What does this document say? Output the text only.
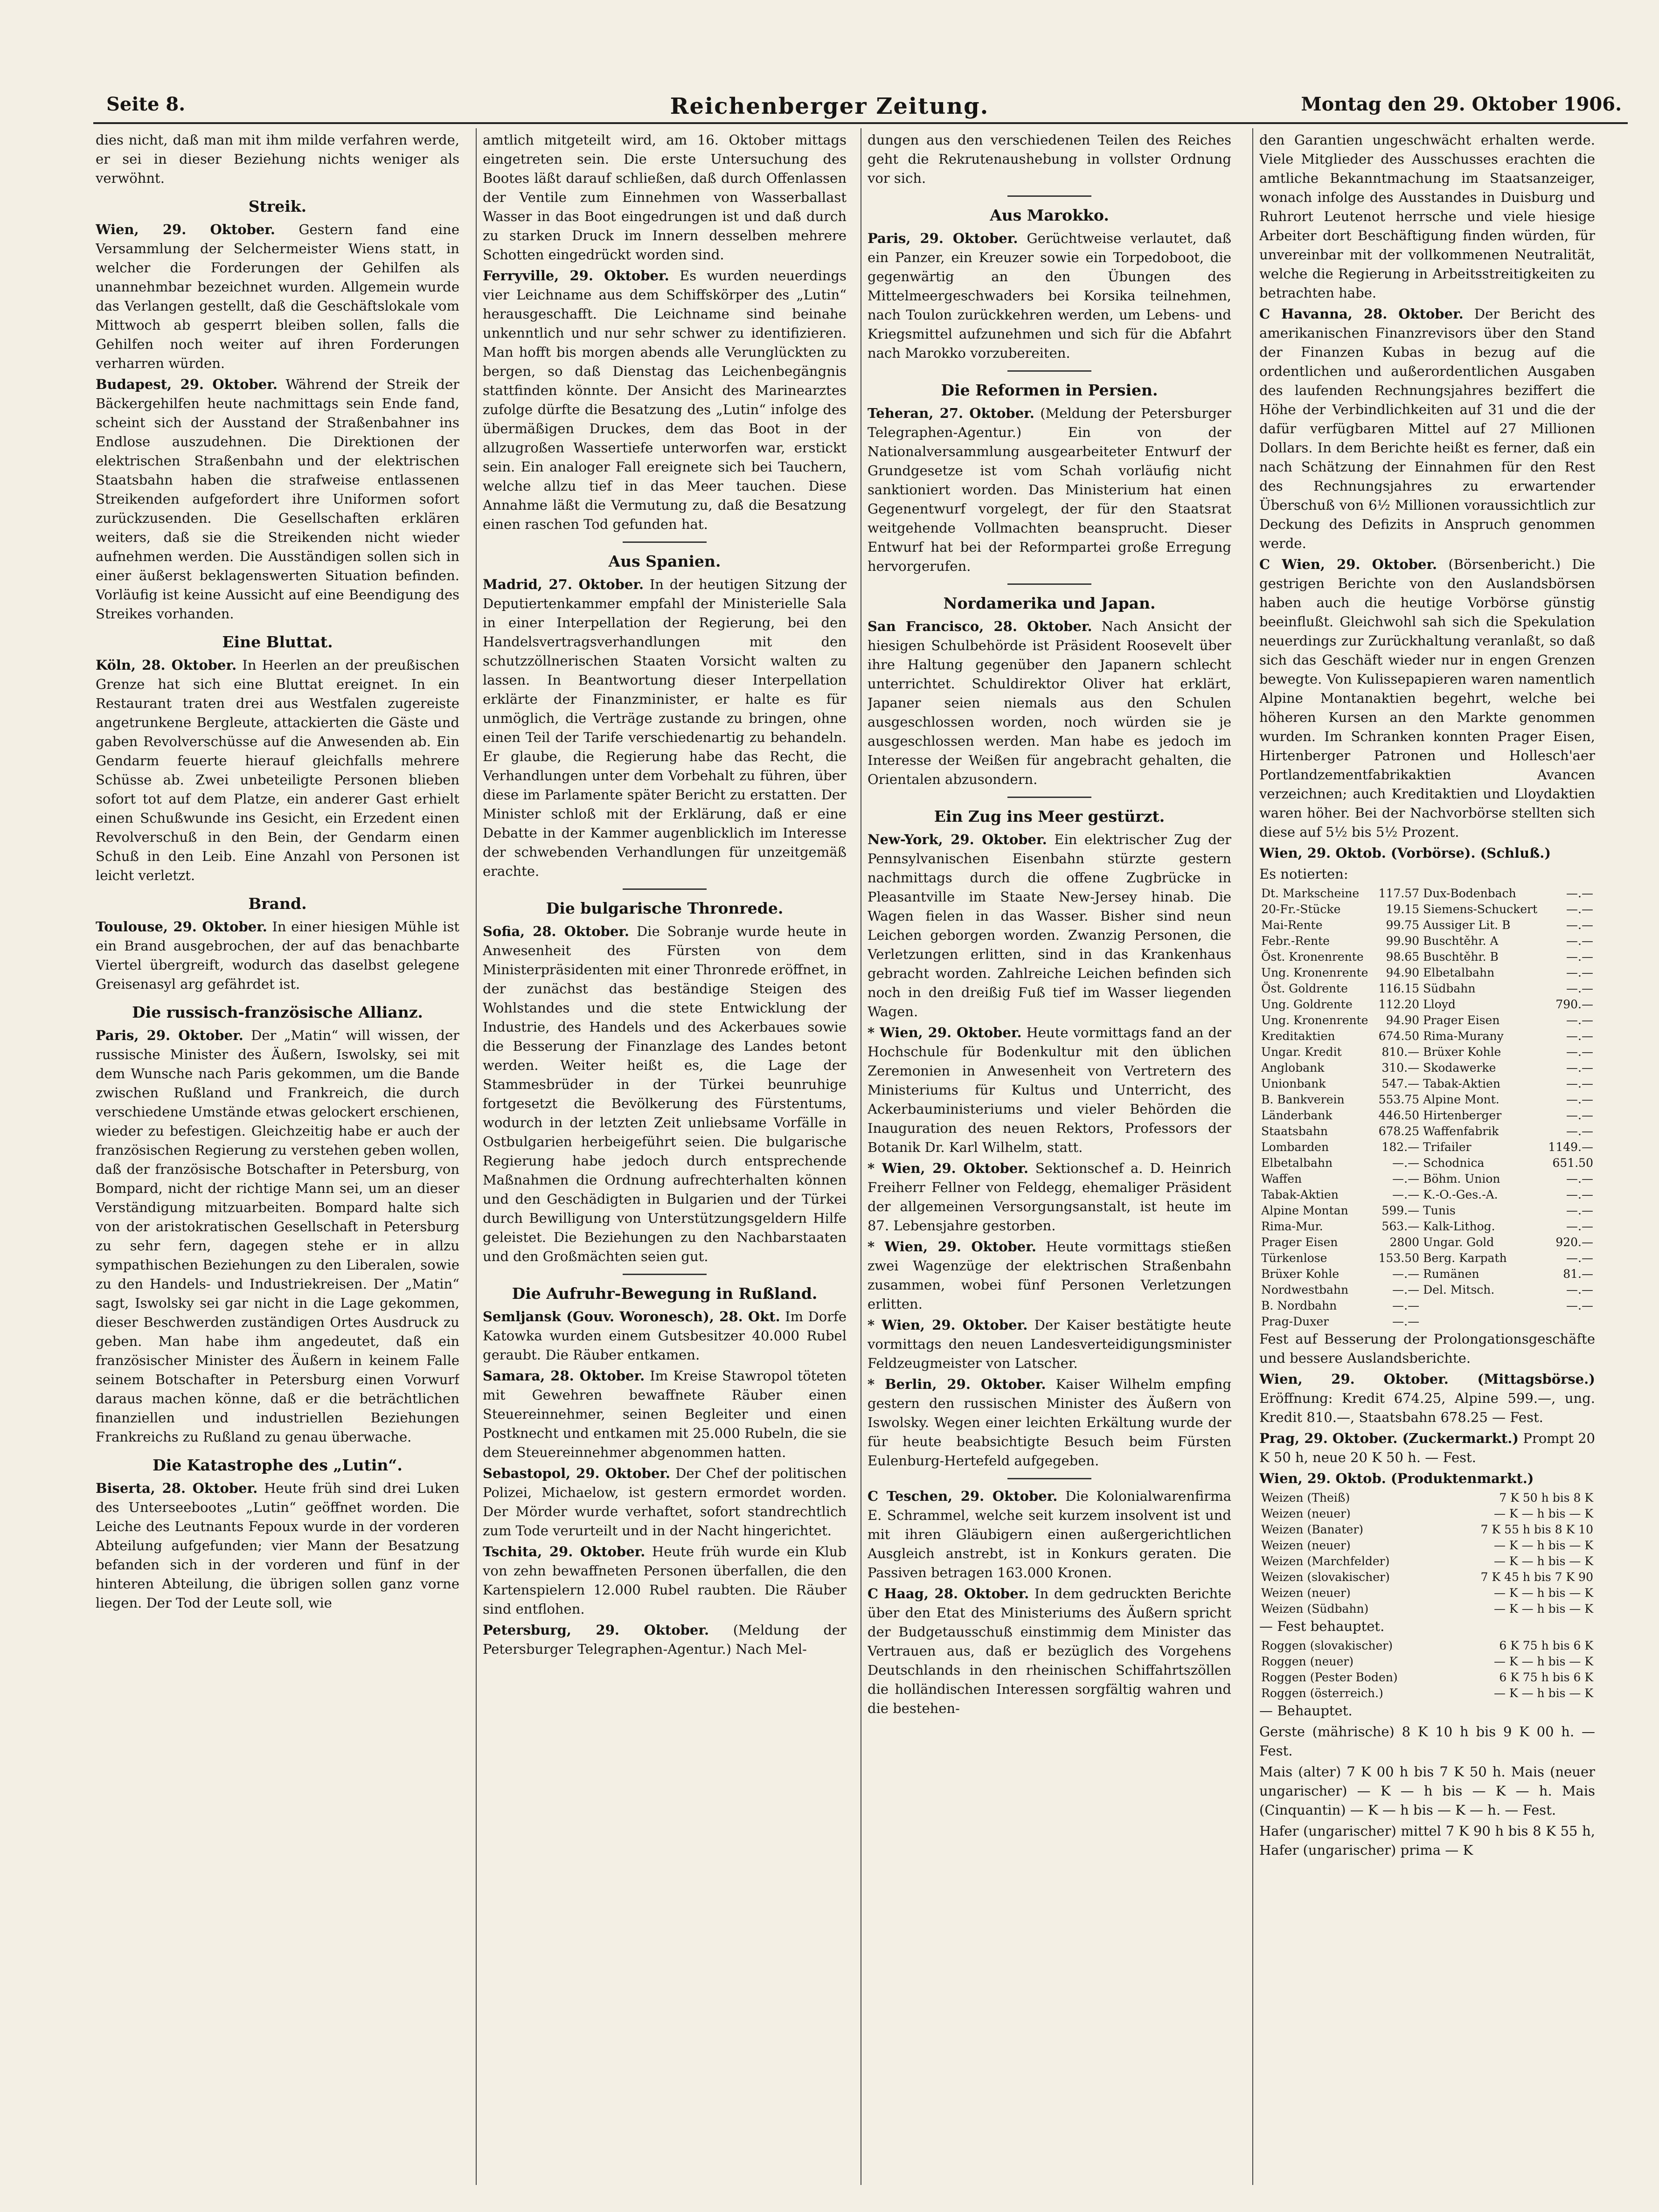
Seite 8.	Reichenberger Zeitung.	Montag den 29. Oktober 1906.

dies nicht, daß man mit ihm milde verfahren werde, er sei in dieser Beziehung nichts weniger als verwöhnt.

Streik.

Wien, 29. Oktober. Gestern fand eine Versammlung der Selchermeister Wiens statt, in welcher die Forderungen der Gehilfen als unannehmbar bezeichnet wurden. Allgemein wurde das Verlangen gestellt, daß die Geschäftslokale vom Mittwoch ab gesperrt bleiben sollen, falls die Gehilfen noch weiter auf ihren Forderungen verharren würden.

Budapest, 29. Oktober. Während der Streik der Bäckergehilfen heute nachmittags sein Ende fand, scheint sich der Ausstand der Straßenbahner ins Endlose auszudehnen. Die Direktionen der elektrischen Straßenbahn und der elektrischen Staatsbahn haben die strafweise entlassenen Streikenden aufgefordert ihre Uniformen sofort zurückzusenden. Die Gesellschaften erklären weiters, daß sie die Streikenden nicht wieder aufnehmen werden. Die Ausständigen sollen sich in einer äußerst beklagenswerten Situation befinden. Vorläufig ist keine Aussicht auf eine Beendigung des Streikes vorhanden.

Eine Bluttat.

Köln, 28. Oktober. In Heerlen an der preußischen Grenze hat sich eine Bluttat ereignet. In ein Restaurant traten drei aus Westfalen zugereiste angetrunkene Bergleute, attackierten die Gäste und gaben Revolverschüsse auf die Anwesenden ab. Ein Gendarm feuerte hierauf gleichfalls mehrere Schüsse ab. Zwei unbeteiligte Personen blieben sofort tot auf dem Platze, ein anderer Gast erhielt einen Schußwunde ins Gesicht, ein Erzedent einen Revolverschuß in den Bein, der Gendarm einen Schuß in den Leib. Eine Anzahl von Personen ist leicht verletzt.

Brand.

Toulouse, 29. Oktober. In einer hiesigen Mühle ist ein Brand ausgebrochen, der auf das benachbarte Viertel übergreift, wodurch das daselbst gelegene Greisenasyl arg gefährdet ist.

Die russisch-französische Allianz.

Paris, 29. Oktober. Der „Matin“ will wissen, der russische Minister des Äußern, Iswolsky, sei mit dem Wunsche nach Paris gekommen, um die Bande zwischen Rußland und Frankreich, die durch verschiedene Umstände etwas gelockert erschienen, wieder zu befestigen. Gleichzeitig habe er auch der französischen Regierung zu verstehen geben wollen, daß der französische Botschafter in Petersburg, von Bompard, nicht der richtige Mann sei, um an dieser Verständigung mitzuarbeiten. Bompard halte sich von der aristokratischen Gesellschaft in Petersburg zu sehr fern, dagegen stehe er in allzu sympathischen Beziehungen zu den Liberalen, sowie zu den Handels- und Industriekreisen. Der „Matin“ sagt, Iswolsky sei gar nicht in die Lage gekommen, dieser Beschwerden zuständigen Ortes Ausdruck zu geben. Man habe ihm angedeutet, daß ein französischer Minister des Äußern in keinem Falle seinem Botschafter in Petersburg einen Vorwurf daraus machen könne, daß er die beträchtlichen finanziellen und industriellen Beziehungen Frankreichs zu Rußland zu genau überwache.

Die Katastrophe des „Lutin“.

Biserta, 28. Oktober. Heute früh sind drei Luken des Unterseebootes „Lutin“ geöffnet worden. Die Leiche des Leutnants Fepoux wurde in der vorderen Abteilung aufgefunden; vier Mann der Besatzung befanden sich in der vorderen und fünf in der hinteren Abteilung, die übrigen sollen ganz vorne liegen. Der Tod der Leute soll, wie

amtlich mitgeteilt wird, am 16. Oktober mittags eingetreten sein. Die erste Untersuchung des Bootes läßt darauf schließen, daß durch Offenlassen der Ventile zum Einnehmen von Wasserballast Wasser in das Boot eingedrungen ist und daß durch zu starken Druck im Innern desselben mehrere Schotten eingedrückt worden sind.

Ferryville, 29. Oktober. Es wurden neuerdings vier Leichname aus dem Schiffskörper des „Lutin“ herausgeschafft. Die Leichname sind beinahe unkenntlich und nur sehr schwer zu identifizieren. Man hofft bis morgen abends alle Verunglückten zu bergen, so daß Dienstag das Leichenbegängnis stattfinden könnte. Der Ansicht des Marinearztes zufolge dürfte die Besatzung des „Lutin“ infolge des übermäßigen Druckes, dem das Boot in der allzugroßen Wassertiefe unterworfen war, erstickt sein. Ein analoger Fall ereignete sich bei Tauchern, welche allzu tief in das Meer tauchen. Diese Annahme läßt die Vermutung zu, daß die Besatzung einen raschen Tod gefunden hat.

Aus Spanien.

Madrid, 27. Oktober. In der heutigen Sitzung der Deputiertenkammer empfahl der Ministerielle Sala in einer Interpellation der Regierung, bei den Handelsvertragsverhandlungen mit den schutzzöllnerischen Staaten Vorsicht walten zu lassen. In Beantwortung dieser Interpellation erklärte der Finanzminister, er halte es für unmöglich, die Verträge zustande zu bringen, ohne einen Teil der Tarife verschiedenartig zu behandeln. Er glaube, die Regierung habe das Recht, die Verhandlungen unter dem Vorbehalt zu führen, über diese im Parlamente später Bericht zu erstatten. Der Minister schloß mit der Erklärung, daß er eine Debatte in der Kammer augenblicklich im Interesse der schwebenden Verhandlungen für unzeitgemäß erachte.

Die bulgarische Thronrede.

Sofia, 28. Oktober. Die Sobranje wurde heute in Anwesenheit des Fürsten von dem Ministerpräsidenten mit einer Thronrede eröffnet, in der zunächst das beständige Steigen des Wohlstandes und die stete Entwicklung der Industrie, des Handels und des Ackerbaues sowie die Besserung der Finanzlage des Landes betont werden. Weiter heißt es, die Lage der Stammesbrüder in der Türkei beunruhige fortgesetzt die Bevölkerung des Fürstentums, wodurch in der letzten Zeit unliebsame Vorfälle in Ostbulgarien herbeigeführt seien. Die bulgarische Regierung habe jedoch durch entsprechende Maßnahmen die Ordnung aufrechterhalten können und den Geschädigten in Bulgarien und der Türkei durch Bewilligung von Unterstützungsgeldern Hilfe geleistet. Die Beziehungen zu den Nachbarstaaten und den Großmächten seien gut.

Die Aufruhr-Bewegung in Rußland.

Semljansk (Gouv. Woronesch), 28. Okt. Im Dorfe Katowka wurden einem Gutsbesitzer 40.000 Rubel geraubt. Die Räuber entkamen.

Samara, 28. Oktober. Im Kreise Stawropol töteten mit Gewehren bewaffnete Räuber einen Steuereinnehmer, seinen Begleiter und einen Postknecht und entkamen mit 25.000 Rubeln, die sie dem Steuereinnehmer abgenommen hatten.

Sebastopol, 29. Oktober. Der Chef der politischen Polizei, Michaelow, ist gestern ermordet worden. Der Mörder wurde verhaftet, sofort standrechtlich zum Tode verurteilt und in der Nacht hingerichtet.

Tschita, 29. Oktober. Heute früh wurde ein Klub von zehn bewaffneten Personen überfallen, die den Kartenspielern 12.000 Rubel raubten. Die Räuber sind entflohen.

Petersburg, 29. Oktober. (Meldung der Petersburger Telegraphen-Agentur.) Nach Mel-

dungen aus den verschiedenen Teilen des Reiches geht die Rekrutenaushebung in vollster Ordnung vor sich.

Aus Marokko.

Paris, 29. Oktober. Gerüchtweise verlautet, daß ein Panzer, ein Kreuzer sowie ein Torpedoboot, die gegenwärtig an den Übungen des Mittelmeergeschwaders bei Korsika teilnehmen, nach Toulon zurückkehren werden, um Lebens- und Kriegsmittel aufzunehmen und sich für die Abfahrt nach Marokko vorzubereiten.

Die Reformen in Persien.

Teheran, 27. Oktober. (Meldung der Petersburger Telegraphen-Agentur.) Ein von der Nationalversammlung ausgearbeiteter Entwurf der Grundgesetze ist vom Schah vorläufig nicht sanktioniert worden. Das Ministerium hat einen Gegenentwurf vorgelegt, der für den Staatsrat weitgehende Vollmachten beansprucht. Dieser Entwurf hat bei der Reformpartei große Erregung hervorgerufen.

Nordamerika und Japan.

San Francisco, 28. Oktober. Nach Ansicht der hiesigen Schulbehörde ist Präsident Roosevelt über ihre Haltung gegenüber den Japanern schlecht unterrichtet. Schuldirektor Oliver hat erklärt, Japaner seien niemals aus den Schulen ausgeschlossen worden, noch würden sie je ausgeschlossen werden. Man habe es jedoch im Interesse der Weißen für angebracht gehalten, die Orientalen abzusondern.

Ein Zug ins Meer gestürzt.

New-York, 29. Oktober. Ein elektrischer Zug der Pennsylvanischen Eisenbahn stürzte gestern nachmittags durch die offene Zugbrücke in Pleasantville im Staate New-Jersey hinab. Die Wagen fielen in das Wasser. Bisher sind neun Leichen geborgen worden. Zwanzig Personen, die Verletzungen erlitten, sind in das Krankenhaus gebracht worden. Zahlreiche Leichen befinden sich noch in den dreißig Fuß tief im Wasser liegenden Wagen.

* Wien, 29. Oktober. Heute vormittags fand an der Hochschule für Bodenkultur mit den üblichen Zeremonien in Anwesenheit von Vertretern des Ministeriums für Kultus und Unterricht, des Ackerbauministeriums und vieler Behörden die Inauguration des neuen Rektors, Professors der Botanik Dr. Karl Wilhelm, statt.

* Wien, 29. Oktober. Sektionschef a. D. Heinrich Freiherr Fellner von Feldegg, ehemaliger Präsident der allgemeinen Versorgungsanstalt, ist heute im 87. Lebensjahre gestorben.

* Wien, 29. Oktober. Heute vormittags stießen zwei Wagenzüge der elektrischen Straßenbahn zusammen, wobei fünf Personen Verletzungen erlitten.

* Wien, 29. Oktober. Der Kaiser bestätigte heute vormittags den neuen Landesverteidigungsminister Feldzeugmeister von Latscher.

* Berlin, 29. Oktober. Kaiser Wilhelm empfing gestern den russischen Minister des Äußern von Iswolsky. Wegen einer leichten Erkältung wurde der für heute beabsichtigte Besuch beim Fürsten Eulenburg-Hertefeld aufgegeben.

C Teschen, 29. Oktober. Die Kolonialwarenfirma E. Schrammel, welche seit kurzem insolvent ist und mit ihren Gläubigern einen außergerichtlichen Ausgleich anstrebt, ist in Konkurs geraten. Die Passiven betragen 163.000 Kronen.

C Haag, 28. Oktober. In dem gedruckten Berichte über den Etat des Ministeriums des Äußern spricht der Budgetausschuß einstimmig dem Minister das Vertrauen aus, daß er bezüglich des Vorgehens Deutschlands in den rheinischen Schiffahrtszöllen die holländischen Interessen sorgfältig wahren und die bestehen-

den Garantien ungeschwächt erhalten werde. Viele Mitglieder des Ausschusses erachten die amtliche Bekanntmachung im Staatsanzeiger, wonach infolge des Ausstandes in Duisburg und Ruhrort Leutenot herrsche und viele hiesige Arbeiter dort Beschäftigung finden würden, für unvereinbar mit der vollkommenen Neutralität, welche die Regierung in Arbeitsstreitigkeiten zu betrachten habe.

C Havanna, 28. Oktober. Der Bericht des amerikanischen Finanzrevisors über den Stand der Finanzen Kubas in bezug auf die ordentlichen und außerordentlichen Ausgaben des laufenden Rechnungsjahres beziffert die Höhe der Verbindlichkeiten auf 31 und die der dafür verfügbaren Mittel auf 27 Millionen Dollars. In dem Berichte heißt es ferner, daß ein nach Schätzung der Einnahmen für den Rest des Rechnungsjahres zu erwartender Überschuß von 6½ Millionen voraussichtlich zur Deckung des Defizits in Anspruch genommen werde.

C Wien, 29. Oktober. (Börsenbericht.) Die gestrigen Berichte von den Auslandsbörsen haben auch die heutige Vorbörse günstig beeinflußt. Gleichwohl sah sich die Spekulation neuerdings zur Zurückhaltung veranlaßt, so daß sich das Geschäft wieder nur in engen Grenzen bewegte. Von Kulissepapieren waren namentlich Alpine Montanaktien begehrt, welche bei höheren Kursen an den Markte genommen wurden. Im Schranken konnten Prager Eisen, Hirtenberger Patronen und Hollesch'aer Portlandzementfabrikaktien Avancen verzeichnen; auch Kreditaktien und Lloydaktien waren höher. Bei der Nachvorbörse stellten sich diese auf 5½ bis 5½ Prozent.

Wien, 29. Oktob. (Vorbörse). (Schluß.)

Es notierten:

Dt. Markscheine	117.57	Dux-Bodenbach	—.—
20-Fr.-Stücke	19.15	Siemens-Schuckert	—.—
Mai-Rente	99.75	Aussiger Lit. B	—.—
Febr.-Rente	99.90	Buschtěhr. A	—.—
Öst. Kronenrente	98.65	Buschtěhr. B	—.—
Ung. Kronenrente	94.90	Elbetalbahn	—.—
Öst. Goldrente	116.15	Südbahn	—.—
Ung. Goldrente	112.20	Lloyd	790.—
Ung. Kronenrente	94.90	Prager Eisen	—.—
Kreditaktien	674.50	Rima-Murany	—.—
Ungar. Kredit	810.—	Brüxer Kohle	—.—
Anglobank	310.—	Skodawerke	—.—
Unionbank	547.—	Tabak-Aktien	—.—
B. Bankverein	553.75	Alpine Mont.	—.—
Länderbank	446.50	Hirtenberger	—.—
Staatsbahn	678.25	Waffenfabrik	—.—
Lombarden	182.—	Trifailer	1149.—
Elbetalbahn	—.—	Schodnica	651.50
Waffen	—.—	Böhm. Union	—.—
Tabak-Aktien	—.—	K.-O.-Ges.-A.	—.—
Alpine Montan	599.—	Tunis	—.—
Rima-Mur.	563.—	Kalk-Lithog.	—.—
Prager Eisen	2800	Ungar. Gold	920.—
Türkenlose	153.50	Berg. Karpath	—.—
Brüxer Kohle	—.—	Rumänen	81.—
Nordwestbahn	—.—	Del. Mitsch.	—.—
B. Nordbahn	—.—		—.—
Prag-Duxer	—.—		

Fest auf Besserung der Prolongationsgeschäfte und bessere Auslandsberichte.

Wien, 29. Oktober. (Mittagsbörse.) Eröffnung: Kredit 674.25, Alpine 599.—, ung. Kredit 810.—, Staatsbahn 678.25 — Fest.

Prag, 29. Oktober. (Zuckermarkt.) Prompt 20 K 50 h, neue 20 K 50 h. — Fest.

Wien, 29. Oktob. (Produktenmarkt.)

Weizen (Theiß)	7 K 50 h bis 8 K
Weizen (neuer)	— K — h bis — K
Weizen (Banater)	7 K 55 h bis 8 K 10
Weizen (neuer)	— K — h bis — K
Weizen (Marchfelder)	— K — h bis — K
Weizen (slovakischer)	7 K 45 h bis 7 K 90
Weizen (neuer)	— K — h bis — K
Weizen (Südbahn)	— K — h bis — K

— Fest behauptet.

Roggen (slovakischer)	6 K 75 h bis 6 K
Roggen (neuer)	— K — h bis — K
Roggen (Pester Boden)	6 K 75 h bis 6 K
Roggen (österreich.)	— K — h bis — K

— Behauptet.

Gerste (mährische) 8 K 10 h bis 9 K 00 h. — Fest.

Mais (alter) 7 K 00 h bis 7 K 50 h. Mais (neuer ungarischer) — K — h bis — K — h. Mais (Cinquantin) — K — h bis — K — h. — Fest.

Hafer (ungarischer) mittel 7 K 90 h bis 8 K 55 h, Hafer (ungarischer) prima — K
